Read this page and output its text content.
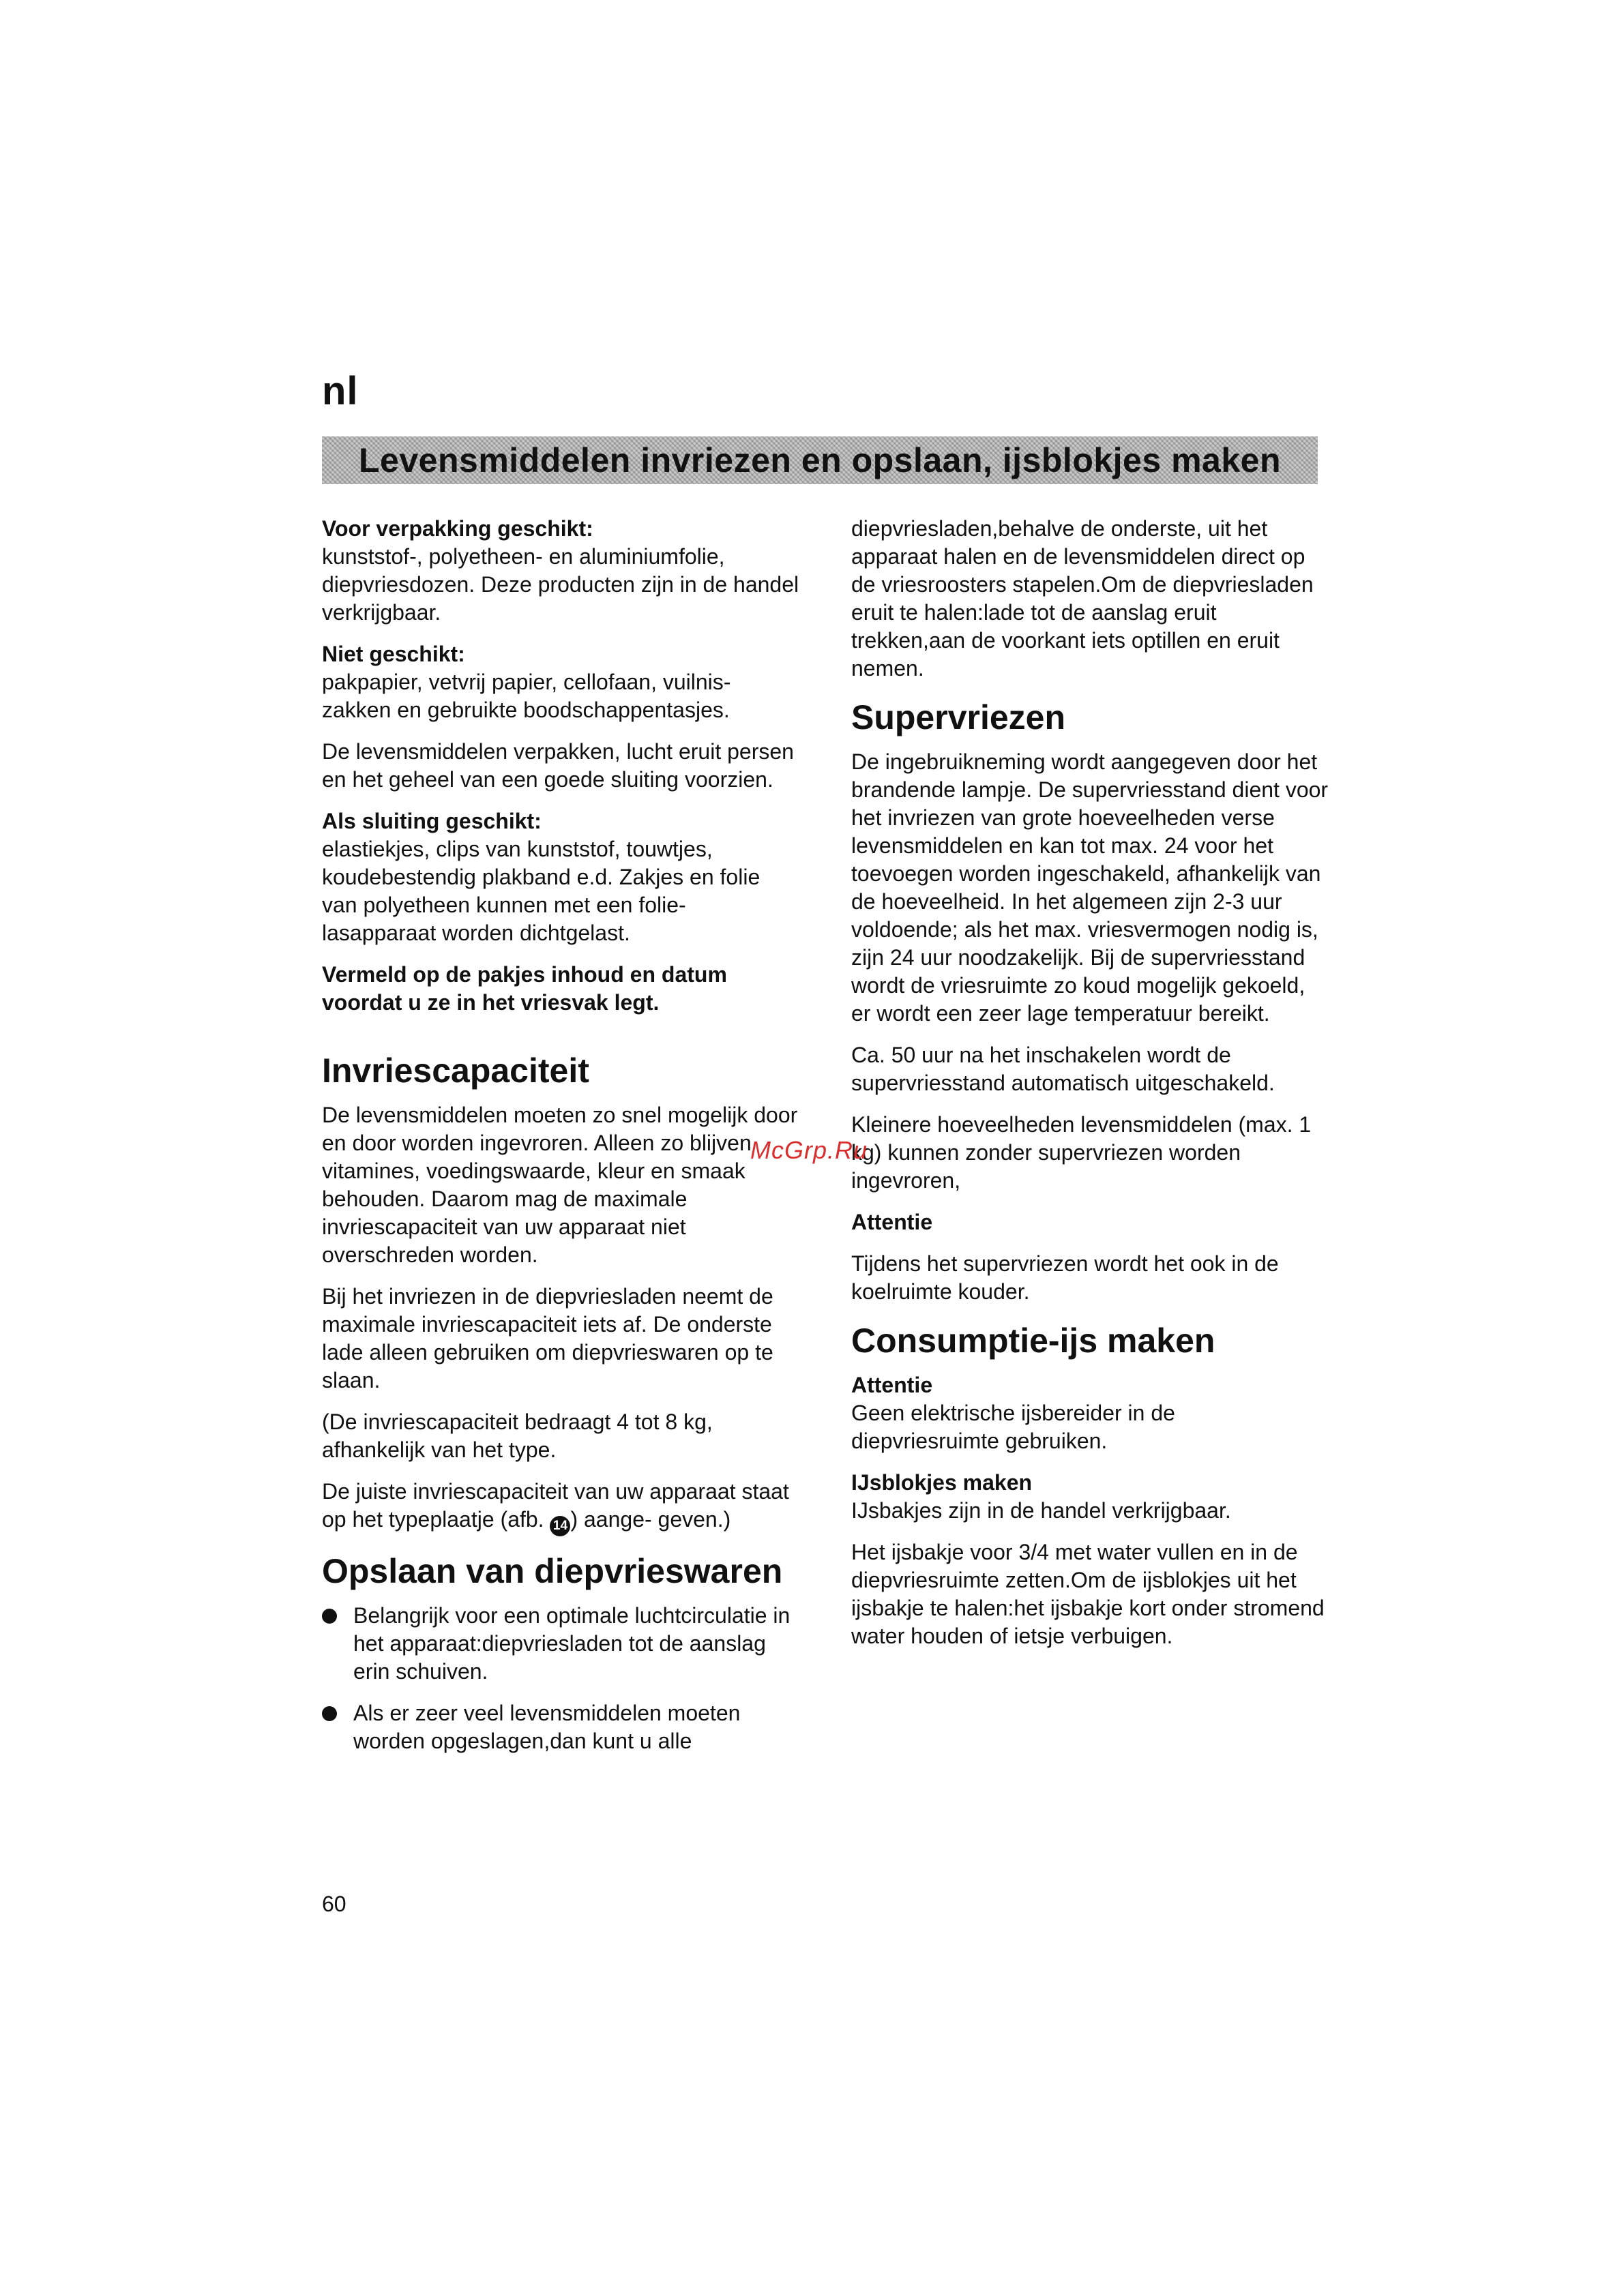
nl
Levensmiddelen invriezen en opslaan, ijsblokjes maken

Voor verpakking geschikt:
kunststof-, polyetheen- en aluminiumfolie, diepvriesdozen. Deze producten zijn in de handel verkrijgbaar.

Niet geschikt:
pakpapier, vetvrij papier, cellofaan, vuilnis- zakken en gebruikte boodschappentasjes.

De levensmiddelen verpakken, lucht eruit persen en het geheel van een goede sluiting voorzien.

Als sluiting geschikt:
elastiekjes, clips van kunststof, touwtjes, koudebestendig plakband e.d. Zakjes en folie van polyetheen kunnen met een folie- lasapparaat worden dichtgelast.

Vermeld op de pakjes inhoud en datum voordat u ze in het vriesvak legt.

Invriescapaciteit

De levensmiddelen moeten zo snel mogelijk door en door worden ingevroren. Alleen zo blijven vitamines, voedingswaarde, kleur en smaak behouden. Daarom mag de maximale invriescapaciteit van uw apparaat niet overschreden worden.

Bij het invriezen in de diepvriesladen neemt de maximale invriescapaciteit iets af. De onderste lade alleen gebruiken om diepvrieswaren op te slaan.

(De invriescapaciteit bedraagt 4 tot 8 kg, afhankelijk van het type.

De juiste invriescapaciteit van uw apparaat staat op het typeplaatje (afb. 14 ) aange- geven.)

Opslaan van diepvrieswaren
Belangrijk voor een optimale luchtcirculatie in het apparaat:diepvriesladen tot de aanslag erin schuiven.
Als er zeer veel levensmiddelen moeten worden opgeslagen,dan kunt u alle

diepvriesladen,behalve de onderste, uit het apparaat halen en de levensmiddelen direct op de vriesroosters stapelen.Om de diepvriesladen eruit te halen:lade tot de aanslag eruit trekken,aan de voorkant iets optillen en eruit nemen.

Supervriezen

De ingebruikneming wordt aangegeven door het brandende lampje. De supervriesstand dient voor het invriezen van grote hoeveelheden verse levensmiddelen en kan tot max. 24 voor het toevoegen worden ingeschakeld, afhankelijk van de hoeveelheid. In het algemeen zijn 2-3 uur voldoende; als het max. vriesvermogen nodig is, zijn 24 uur noodzakelijk. Bij de supervriesstand wordt de vriesruimte zo koud mogelijk gekoeld, er wordt een zeer lage temperatuur bereikt.

Ca. 50 uur na het inschakelen wordt de supervriesstand automatisch uitgeschakeld.

Kleinere hoeveelheden levensmiddelen (max. 1 kg) kunnen zonder supervriezen worden ingevroren,

Attentie

Tijdens het supervriezen wordt het ook in de koelruimte kouder.

Consumptie-ijs maken

Attentie
Geen elektrische ijsbereider in de diepvriesruimte gebruiken.

IJsblokjes maken
IJsbakjes zijn in de handel verkrijgbaar.

Het ijsbakje voor 3/4 met water vullen en in de diepvriesruimte zetten.Om de ijsblokjes uit het ijsbakje te halen:het ijsbakje kort onder stromend water houden of ietsje verbuigen.

McGrp.Ru
60
